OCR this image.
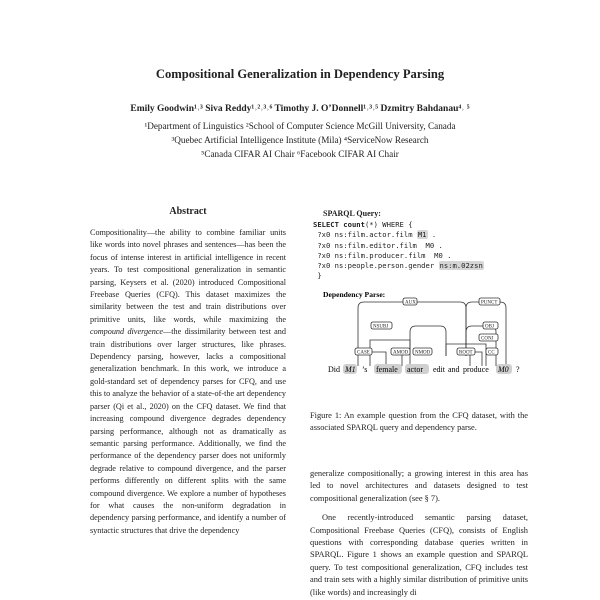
Compositional Generalization in Dependency Parsing
Emily Goodwin¹˒³ Siva Reddy¹˒²˒³˒⁶ Timothy J. O’Donnell¹˒³˒⁵ Dzmitry Bahdanau⁴˒ ⁵
¹Department of Linguistics ²School of Computer Science McGill University, Canada
³Quebec Artificial Intelligence Institute (Mila) ⁴ServiceNow Research
⁵Canada CIFAR AI Chair ⁶Facebook CIFAR AI Chair
Abstract
Compositionality—the ability to combine familiar units like words into novel phrases and sentences—has been the focus of intense interest in artificial intelligence in recent years. To test compositional generalization in semantic parsing, Keysers et al. (2020) introduced Compositional Freebase Queries (CFQ). This dataset maximizes the similarity between the test and train distributions over primitive units, like words, while maximizing the compound divergence—the dissimilarity between test and train distributions over larger structures, like phrases. Dependency parsing, however, lacks a compositional generalization benchmark. In this work, we introduce a gold-standard set of dependency parses for CFQ, and use this to analyze the behavior of a state-of-the art dependency parser (Qi et al., 2020) on the CFQ dataset. We find that increasing compound divergence degrades dependency parsing performance, although not as dramatically as semantic parsing performance. Additionally, we find the performance of the dependency parser does not uniformly degrade relative to compound divergence, and the parser performs differently on different splits with the same compound divergence. We explore a number of hypotheses for what causes the non-uniform degradation in dependency parsing performance, and identify a number of syntactic structures that drive the dependency
SPARQL Query:
SELECT count(*) WHERE {
?x0 ns:film.actor.film M1 .
?x0 ns:film.editor.film  M0 .
?x0 ns:film.producer.film  M0 .
?x0 ns:people.person.gender ns:m.02zsn
}
Dependency Parse:
AUX	PUNCT
NSUBJ	OBJ
CONJ
CC
AMOD NMOD
CASE	ROOT
Did M1 ’s female actor edit and produce M0 ?
Figure 1: An example question from the CFQ dataset, with the associated SPARQL query and dependency parse.

generalize compositionally; a growing interest in this area has led to novel architectures and datasets designed to test compositional generalization (see § 7).

One recently-introduced semantic parsing dataset, Compositional Freebase Queries (CFQ), consists of English questions with corresponding database queries written in SPARQL. Figure 1 shows an example question and SPARQL query. To test compositional generalization, CFQ includes test and train sets with a highly similar distribution of primitive units (like words) and increasingly di
